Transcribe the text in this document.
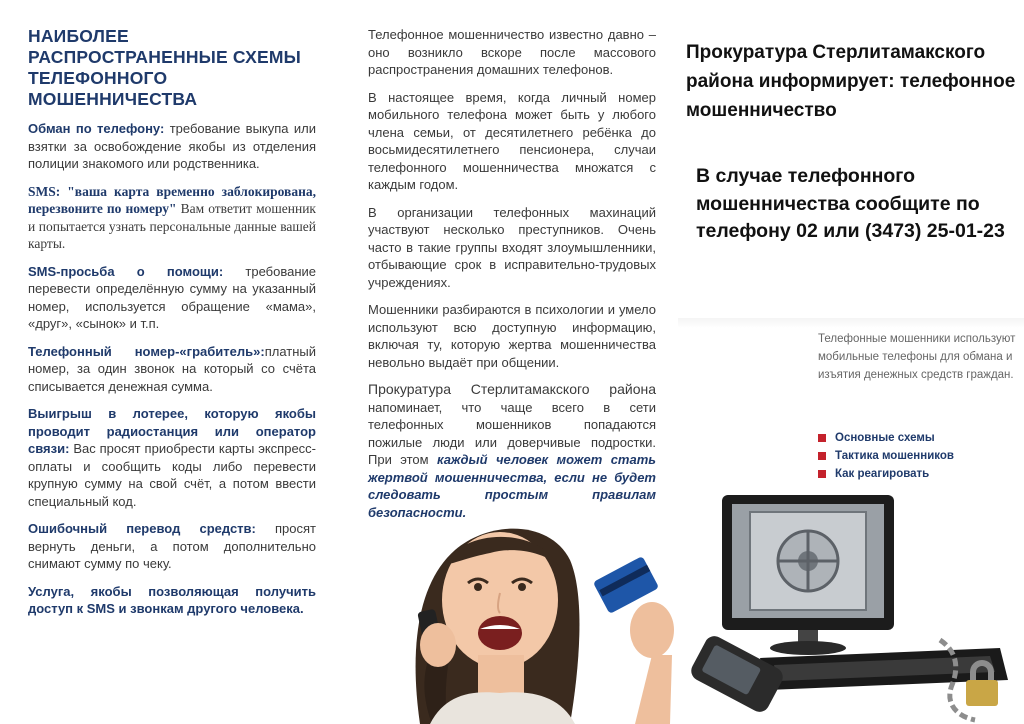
НАИБОЛЕЕ РАСПРОСТРАНЕННЫЕ СХЕМЫ ТЕЛЕФОННОГО МОШЕННИЧЕСТВА
Обман по телефону: требование выкупа или взятки за освобождение якобы из отделения полиции знакомого или родственника.
SMS: "ваша карта временно заблокирована, перезвоните по номеру" Вам ответит мошенник и попытается узнать персональные данные вашей карты.
SMS-просьба о помощи: требование перевести определённую сумму на указанный номер, используется обращение «мама», «друг», «сынок» и т.п.
Телефонный номер-«грабитель»:платный номер, за один звонок на который со счёта списывается денежная сумма.
Выигрыш в лотерее, которую якобы проводит радиостанция или оператор связи: Вас просят приобрести карты экспресс-оплаты и сообщить коды либо перевести крупную сумму на свой счёт, а потом ввести специальный код.
Ошибочный перевод средств: просят вернуть деньги, а потом дополнительно снимают сумму по чеку.
Услуга, якобы позволяющая получить доступ к SMS и звонкам другого человека.
Телефонное мошенничество известно давно – оно возникло вскоре после массового распространения домашних телефонов.
В настоящее время, когда личный номер мобильного телефона может быть у любого члена семьи, от десятилетнего ребёнка до восьмидесятилетнего пенсионера, случаи телефонного мошенничества множатся с каждым годом.
В организации телефонных махинаций участвуют несколько преступников. Очень часто в такие группы входят злоумышленники, отбывающие срок в исправительно-трудовых учреждениях.
Мошенники разбираются в психологии и умело используют всю доступную информацию, включая ту, которую жертва мошенничества невольно выдаёт при общении.
Прокуратура Стерлитамакского района напоминает, что чаще всего в сети телефонных мошенников попадаются пожилые люди или доверчивые подростки. При этом каждый человек может стать жертвой мошенничества, если не будет следовать простым правилам безопасности.
Прокуратура Стерлитамакского района информирует: телефонное мошенничество
В случае телефонного мошенничества сообщите по телефону 02 или (3473) 25-01-23
Телефонные мошенники используют мобильные телефоны для обмана и изъятия денежных средств граждан.
Основные схемы
Тактика мошенников
Как реагировать
